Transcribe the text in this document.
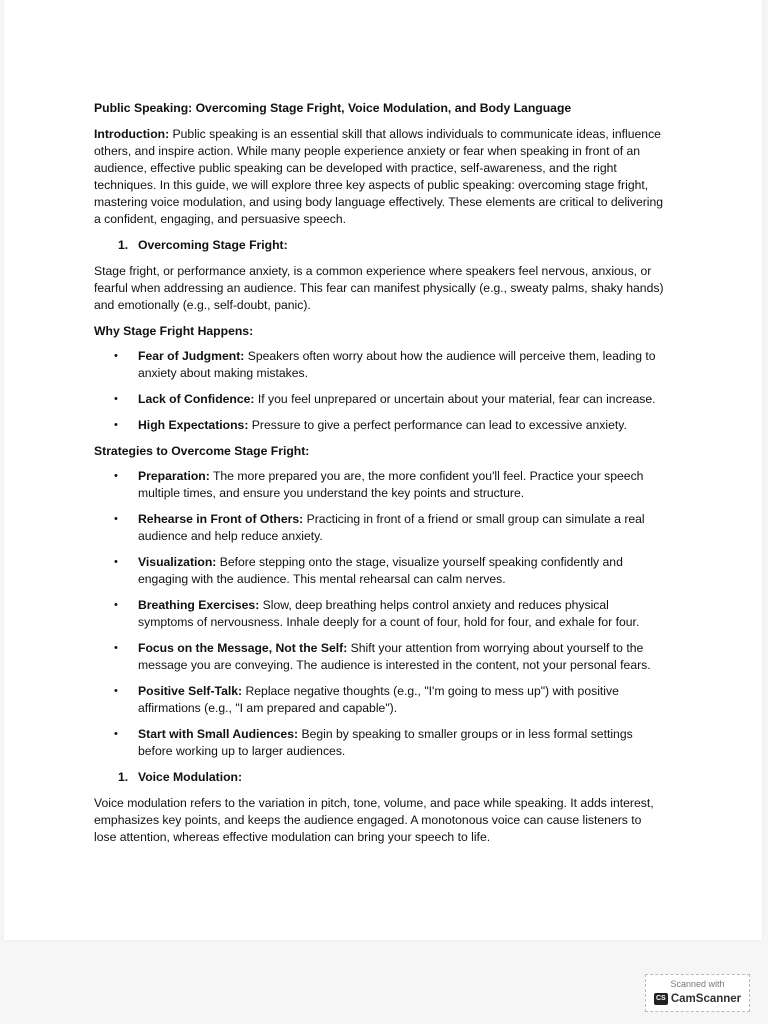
Public Speaking: Overcoming Stage Fright, Voice Modulation, and Body Language

Introduction: Public speaking is an essential skill that allows individuals to communicate ideas, influence others, and inspire action. While many people experience anxiety or fear when speaking in front of an audience, effective public speaking can be developed with practice, self-awareness, and the right techniques. In this guide, we will explore three key aspects of public speaking: overcoming stage fright, mastering voice modulation, and using body language effectively. These elements are critical to delivering a confident, engaging, and persuasive speech.

1. Overcoming Stage Fright:

Stage fright, or performance anxiety, is a common experience where speakers feel nervous, anxious, or fearful when addressing an audience. This fear can manifest physically (e.g., sweaty palms, shaky hands) and emotionally (e.g., self-doubt, panic).

Why Stage Fright Happens:
•	Fear of Judgment: Speakers often worry about how the audience will perceive them, leading to anxiety about making mistakes.
•	Lack of Confidence: If you feel unprepared or uncertain about your material, fear can increase.
•	High Expectations: Pressure to give a perfect performance can lead to excessive anxiety.
Strategies to Overcome Stage Fright:
•	Preparation: The more prepared you are, the more confident you'll feel. Practice your speech multiple times, and ensure you understand the key points and structure.
•	Rehearse in Front of Others: Practicing in front of a friend or small group can simulate a real audience and help reduce anxiety.
•	Visualization: Before stepping onto the stage, visualize yourself speaking confidently and engaging with the audience. This mental rehearsal can calm nerves.
•	Breathing Exercises: Slow, deep breathing helps control anxiety and reduces physical symptoms of nervousness. Inhale deeply for a count of four, hold for four, and exhale for four.
•	Focus on the Message, Not the Self: Shift your attention from worrying about yourself to the message you are conveying. The audience is interested in the content, not your personal fears.
•	Positive Self-Talk: Replace negative thoughts (e.g., "I'm going to mess up") with positive affirmations (e.g., "I am prepared and capable").
•	Start with Small Audiences: Begin by speaking to smaller groups or in less formal settings before working up to larger audiences.
1. Voice Modulation:

Voice modulation refers to the variation in pitch, tone, volume, and pace while speaking. It adds interest, emphasizes key points, and keeps the audience engaged. A monotonous voice can cause listeners to lose attention, whereas effective modulation can bring your speech to life.

Scanned with
CS CamScanner
